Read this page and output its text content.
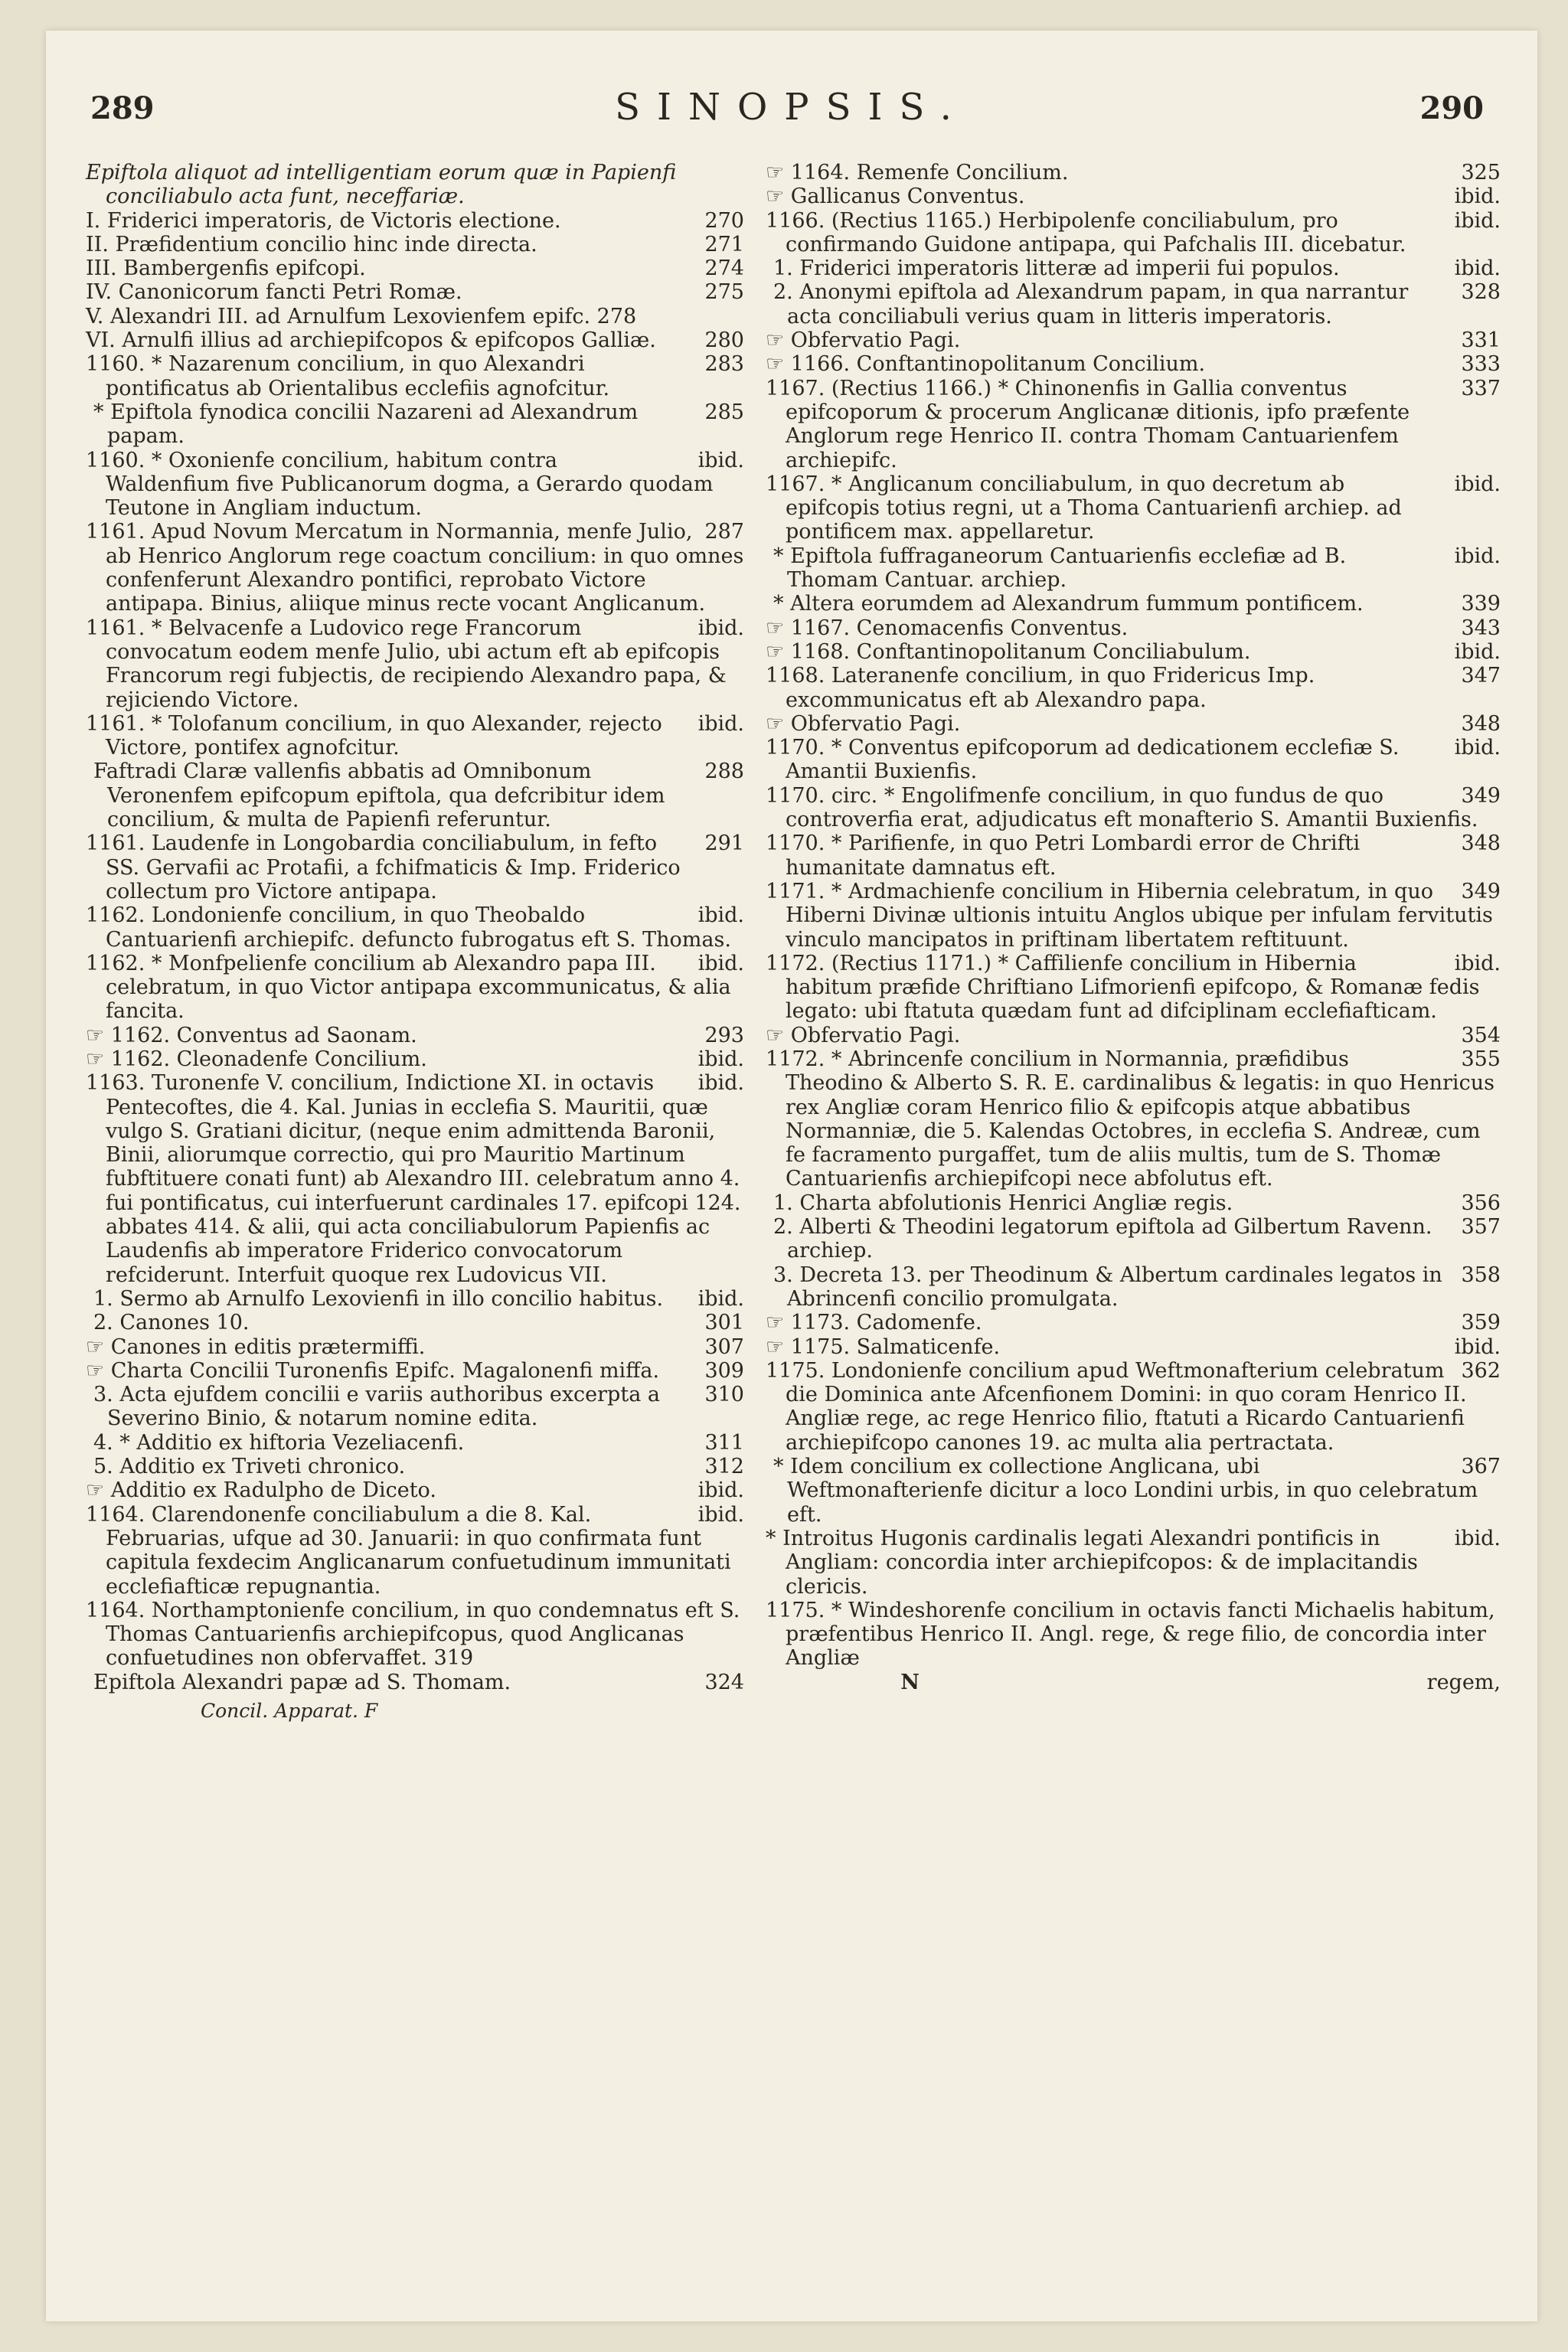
289	SINOPSIS.	290

Epiftola aliquot ad intelligentiam eorum quæ in Papienfi conciliabulo acta funt, neceffariæ.

270
I. Friderici imperatoris, de Victoris electione.

271
II. Præfidentium concilio hinc inde directa.

274
III. Bambergenfis epifcopi.

275
IV. Canonicorum fancti Petri Romæ.

V. Alexandri III. ad Arnulfum Lexovienfem epifc. 278

280
VI. Arnulfi illius ad archiepifcopos & epifcopos Galliæ.

283
1160. * Nazarenum concilium, in quo Alexandri pontificatus ab Orientalibus ecclefiis agnofcitur.

285
* Epiftola fynodica concilii Nazareni ad Alexandrum papam.

ibid.
1160. * Oxonienfe concilium, habitum contra Waldenfium five Publicanorum dogma, a Gerardo quodam Teutone in Angliam inductum.

287
1161. Apud Novum Mercatum in Normannia, menfe Julio, ab Henrico Anglorum rege coactum concilium: in quo omnes confenferunt Alexandro pontifici, reprobato Victore antipapa. Binius, aliique minus recte vocant Anglicanum.

ibid.
1161. * Belvacenfe a Ludovico rege Francorum convocatum eodem menfe Julio, ubi actum eft ab epifcopis Francorum regi fubjectis, de recipiendo Alexandro papa, & rejiciendo Victore.

ibid.
1161. * Tolofanum concilium, in quo Alexander, rejecto Victore, pontifex agnofcitur.

288
Faftradi Claræ vallenfis abbatis ad Omnibonum Veronenfem epifcopum epiftola, qua defcribitur idem concilium, & multa de Papienfi referuntur.

291
1161. Laudenfe in Longobardia conciliabulum, in fefto SS. Gervafii ac Protafii, a fchifmaticis & Imp. Friderico collectum pro Victore antipapa.

ibid.
1162. Londonienfe concilium, in quo Theobaldo Cantuarienfi archiepifc. defuncto fubrogatus eft S. Thomas.

ibid.
1162. * Monfpelienfe concilium ab Alexandro papa III. celebratum, in quo Victor antipapa excommunicatus, & alia fancita.

293
☞ 1162. Conventus ad Saonam.

ibid.
☞ 1162. Cleonadenfe Concilium.

ibid.
1163. Turonenfe V. concilium, Indictione XI. in octavis Pentecoftes, die 4. Kal. Junias in ecclefia S. Mauritii, quæ vulgo S. Gratiani dicitur, (neque enim admittenda Baronii, Binii, aliorumque correctio, qui pro Mauritio Martinum fubftituere conati funt) ab Alexandro III. celebratum anno 4. fui pontificatus, cui interfuerunt cardinales 17. epifcopi 124. abbates 414. & alii, qui acta conciliabulorum Papienfis ac Laudenfis ab imperatore Friderico convocatorum refciderunt. Interfuit quoque rex Ludovicus VII.

ibid.
1. Sermo ab Arnulfo Lexovienfi in illo concilio habitus.

301
2. Canones 10.

307
☞ Canones in editis prætermiffi.

309
☞ Charta Concilii Turonenfis Epifc. Magalonenfi miffa.

310
3. Acta ejufdem concilii e variis authoribus excerpta a Severino Binio, & notarum nomine edita.

311
4. * Additio ex hiftoria Vezeliacenfi.

312
5. Additio ex Triveti chronico.

ibid.
☞ Additio ex Radulpho de Diceto.

ibid.
1164. Clarendonenfe conciliabulum a die 8. Kal. Februarias, ufque ad 30. Januarii: in quo confirmata funt capitula fexdecim Anglicanarum confuetudinum immunitati ecclefiafticæ repugnantia.

1164. Northamptonienfe concilium, in quo condemnatus eft S. Thomas Cantuarienfis archiepifcopus, quod Anglicanas confuetudines non obfervaffet. 319

324
Epiftola Alexandri papæ ad S. Thomam.

Concil. Apparat. F

325
☞ 1164. Remenfe Concilium.

ibid.
☞ Gallicanus Conventus.

ibid.
1166. (Rectius 1165.) Herbipolenfe conciliabulum, pro confirmando Guidone antipapa, qui Pafchalis III. dicebatur.

ibid.
1. Friderici imperatoris litteræ ad imperii fui populos.

328
2. Anonymi epiftola ad Alexandrum papam, in qua narrantur acta conciliabuli verius quam in litteris imperatoris.

331
☞ Obfervatio Pagi.

333
☞ 1166. Conftantinopolitanum Concilium.

337
1167. (Rectius 1166.) * Chinonenfis in Gallia conventus epifcoporum & procerum Anglicanæ ditionis, ipfo præfente Anglorum rege Henrico II. contra Thomam Cantuarienfem archiepifc.

ibid.
1167. * Anglicanum conciliabulum, in quo decretum ab epifcopis totius regni, ut a Thoma Cantuarienfi archiep. ad pontificem max. appellaretur.

ibid.
* Epiftola fuffraganeorum Cantuarienfis ecclefiæ ad B. Thomam Cantuar. archiep.

339
* Altera eorumdem ad Alexandrum fummum pontificem.

343
☞ 1167. Cenomacenfis Conventus.

ibid.
☞ 1168. Conftantinopolitanum Conciliabulum.

347
1168. Lateranenfe concilium, in quo Fridericus Imp. excommunicatus eft ab Alexandro papa.

348
☞ Obfervatio Pagi.

ibid.
1170. * Conventus epifcoporum ad dedicationem ecclefiæ S. Amantii Buxienfis.

349
1170. circ. * Engolifmenfe concilium, in quo fundus de quo controverfia erat, adjudicatus eft monafterio S. Amantii Buxienfis.

348
1170. * Parifienfe, in quo Petri Lombardi error de Chrifti humanitate damnatus eft.

349
1171. * Ardmachienfe concilium in Hibernia celebratum, in quo Hiberni Divinæ ultionis intuitu Anglos ubique per infulam fervitutis vinculo mancipatos in priftinam libertatem reftituunt.

ibid.
1172. (Rectius 1171.) * Caffilienfe concilium in Hibernia habitum præfide Chriftiano Lifmorienfi epifcopo, & Romanæ fedis legato: ubi ftatuta quædam funt ad difciplinam ecclefiafticam.

354
☞ Obfervatio Pagi.

355
1172. * Abrincenfe concilium in Normannia, præfidibus Theodino & Alberto S. R. E. cardinalibus & legatis: in quo Henricus rex Angliæ coram Henrico filio & epifcopis atque abbatibus Normanniæ, die 5. Kalendas Octobres, in ecclefia S. Andreæ, cum fe facramento purgaffet, tum de aliis multis, tum de S. Thomæ Cantuarienfis archiepifcopi nece abfolutus eft.

356
1. Charta abfolutionis Henrici Angliæ regis.

357
2. Alberti & Theodini legatorum epiftola ad Gilbertum Ravenn. archiep.

358
3. Decreta 13. per Theodinum & Albertum cardinales legatos in Abrincenfi concilio promulgata.

359
☞ 1173. Cadomenfe.

ibid.
☞ 1175. Salmaticenfe.

362
1175. Londonienfe concilium apud Weftmonafterium celebratum die Dominica ante Afcenfionem Domini: in quo coram Henrico II. Angliæ rege, ac rege Henrico filio, ftatuti a Ricardo Cantuarienfi archiepifcopo canones 19. ac multa alia pertractata.

367
* Idem concilium ex collectione Anglicana, ubi Weftmonafterienfe dicitur a loco Londini urbis, in quo celebratum eft.

ibid.
* Introitus Hugonis cardinalis legati Alexandri pontificis in Angliam: concordia inter archiepifcopos: & de implacitandis clericis.

1175. * Windeshorenfe concilium in octavis fancti Michaelis habitum, præfentibus Henrico II. Angl. rege, & rege filio, de concordia inter Angliæ

regem,
N
